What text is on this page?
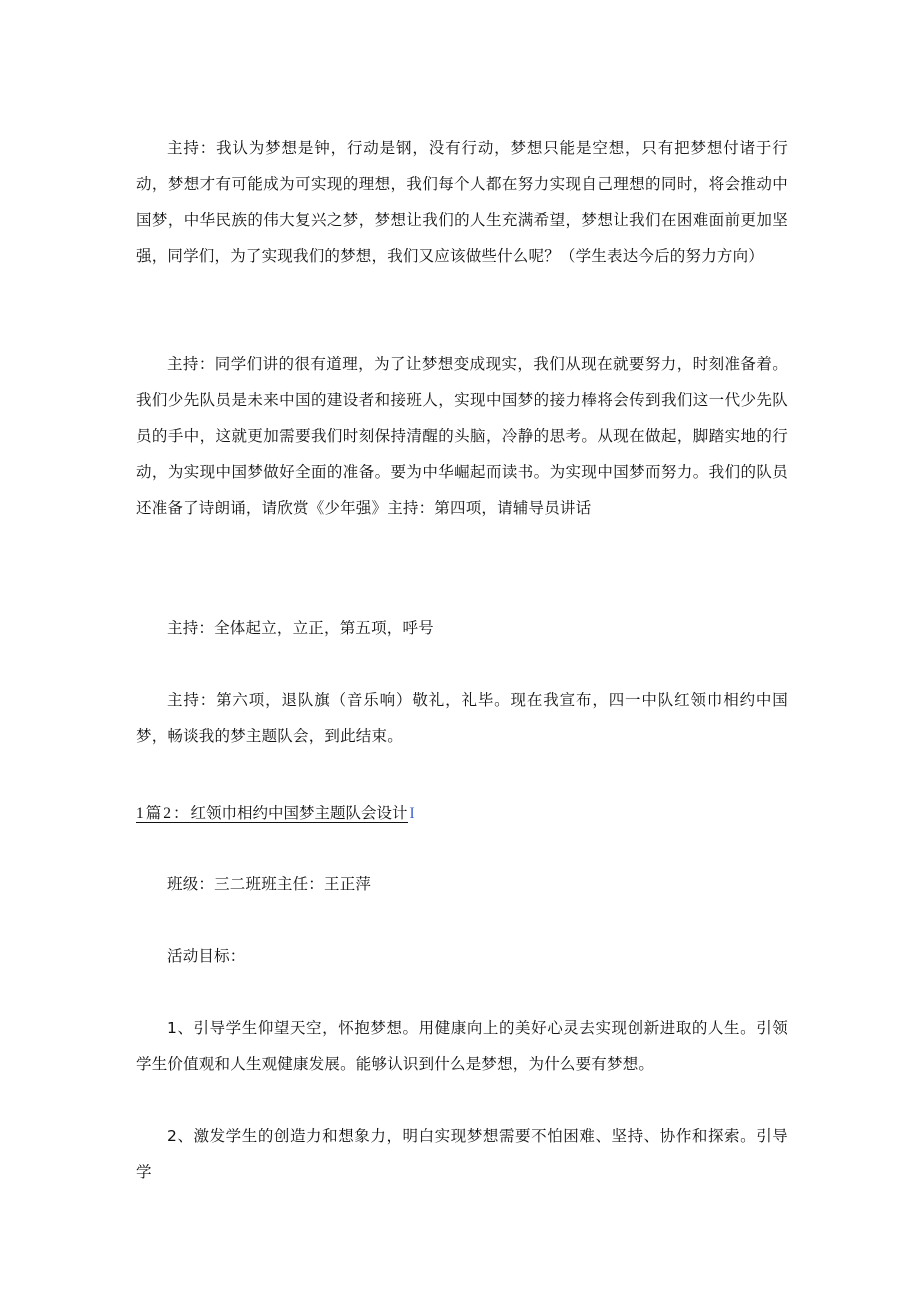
主持：我认为梦想是钟，行动是钢，没有行动，梦想只能是空想，只有把梦想付诸于行动，梦想才有可能成为可实现的理想，我们每个人都在努力实现自己理想的同时，将会推动中国梦，中华民族的伟大复兴之梦，梦想让我们的人生充满希望，梦想让我们在困难面前更加坚强，同学们，为了实现我们的梦想，我们又应该做些什么呢？（学生表达今后的努力方向）

主持：同学们讲的很有道理，为了让梦想变成现实，我们从现在就要努力，时刻准备着。我们少先队员是未来中国的建设者和接班人，实现中国梦的接力棒将会传到我们这一代少先队员的手中，这就更加需要我们时刻保持清醒的头脑，冷静的思考。从现在做起，脚踏实地的行动，为实现中国梦做好全面的准备。要为中华崛起而读书。为实现中国梦而努力。我们的队员还准备了诗朗诵，请欣赏《少年强》主持：第四项，请辅导员讲话

主持：全体起立，立正，第五项，呼号

主持：第六项，退队旗（音乐响）敬礼，礼毕。现在我宣布，四一中队红领巾相约中国梦，畅谈我的梦主题队会，到此结束。

1篇2：红领巾相约中国梦主题队会设计 I

班级：三二班班主任：王正萍

活动目标：

1、引导学生仰望天空，怀抱梦想。用健康向上的美好心灵去实现创新进取的人生。引领学生价值观和人生观健康发展。能够认识到什么是梦想，为什么要有梦想。

2、激发学生的创造力和想象力，明白实现梦想需要不怕困难、坚持、协作和探索。引导学
